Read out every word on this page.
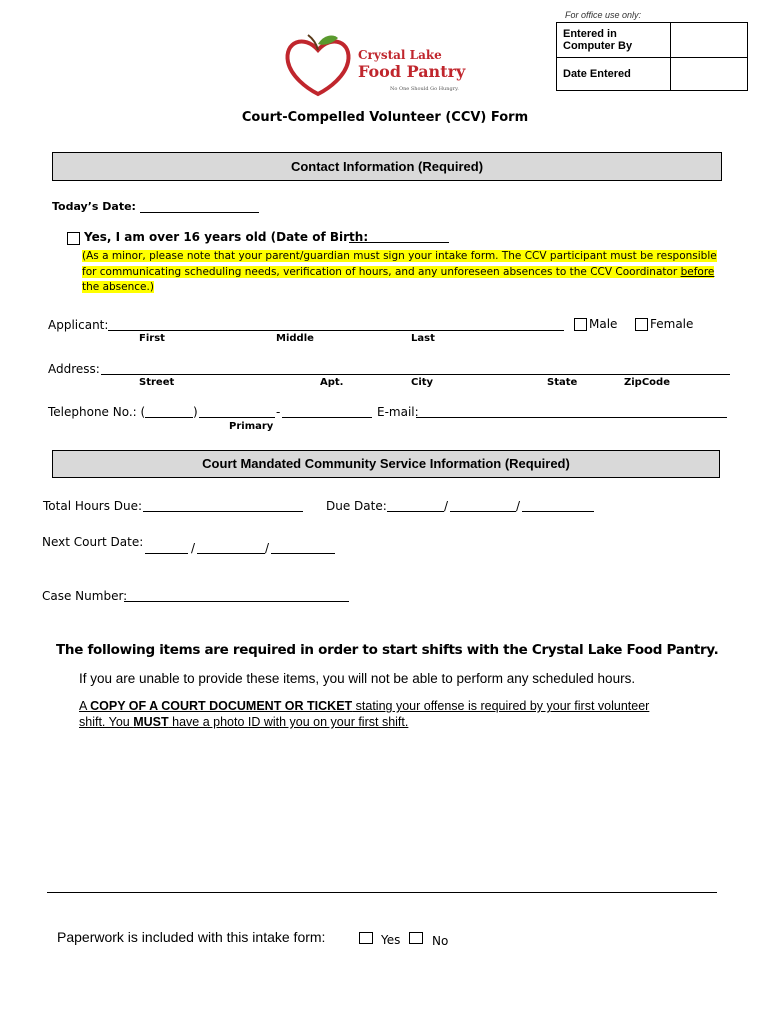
For office use only:
Entered in Computer By	
Date Entered	
Crystal Lake
Food Pantry
No One Should Go Hungry.
Court-Compelled Volunteer (CCV) Form
Contact Information (Required)
Today’s Date:
Yes, I am over 16 years old (Date of Birth:
(As a minor, please note that your parent/guardian must sign your intake form. The CCV participant must be responsible for communicating scheduling needs, verification of hours, and any unforeseen absences to the CCV Coordinator before the absence.)
Applicant:	Male	Female
First	Middle	Last
Address:
Street	Apt.	City	State	ZipCode
Telephone No.: (	)	-	E-mail:
Primary
Court Mandated Community Service Information (Required)
Total Hours Due:	Due Date:	/	/
Next Court Date:	/	/
Case Number:
The following items are required in order to start shifts with the Crystal Lake Food Pantry.
If you are unable to provide these items, you will not be able to perform any scheduled hours.
A COPY OF A COURT DOCUMENT OR TICKET stating your offense is required by your first volunteer shift. You MUST have a photo ID with you on your first shift.
Paperwork is included with this intake form:	Yes	No
